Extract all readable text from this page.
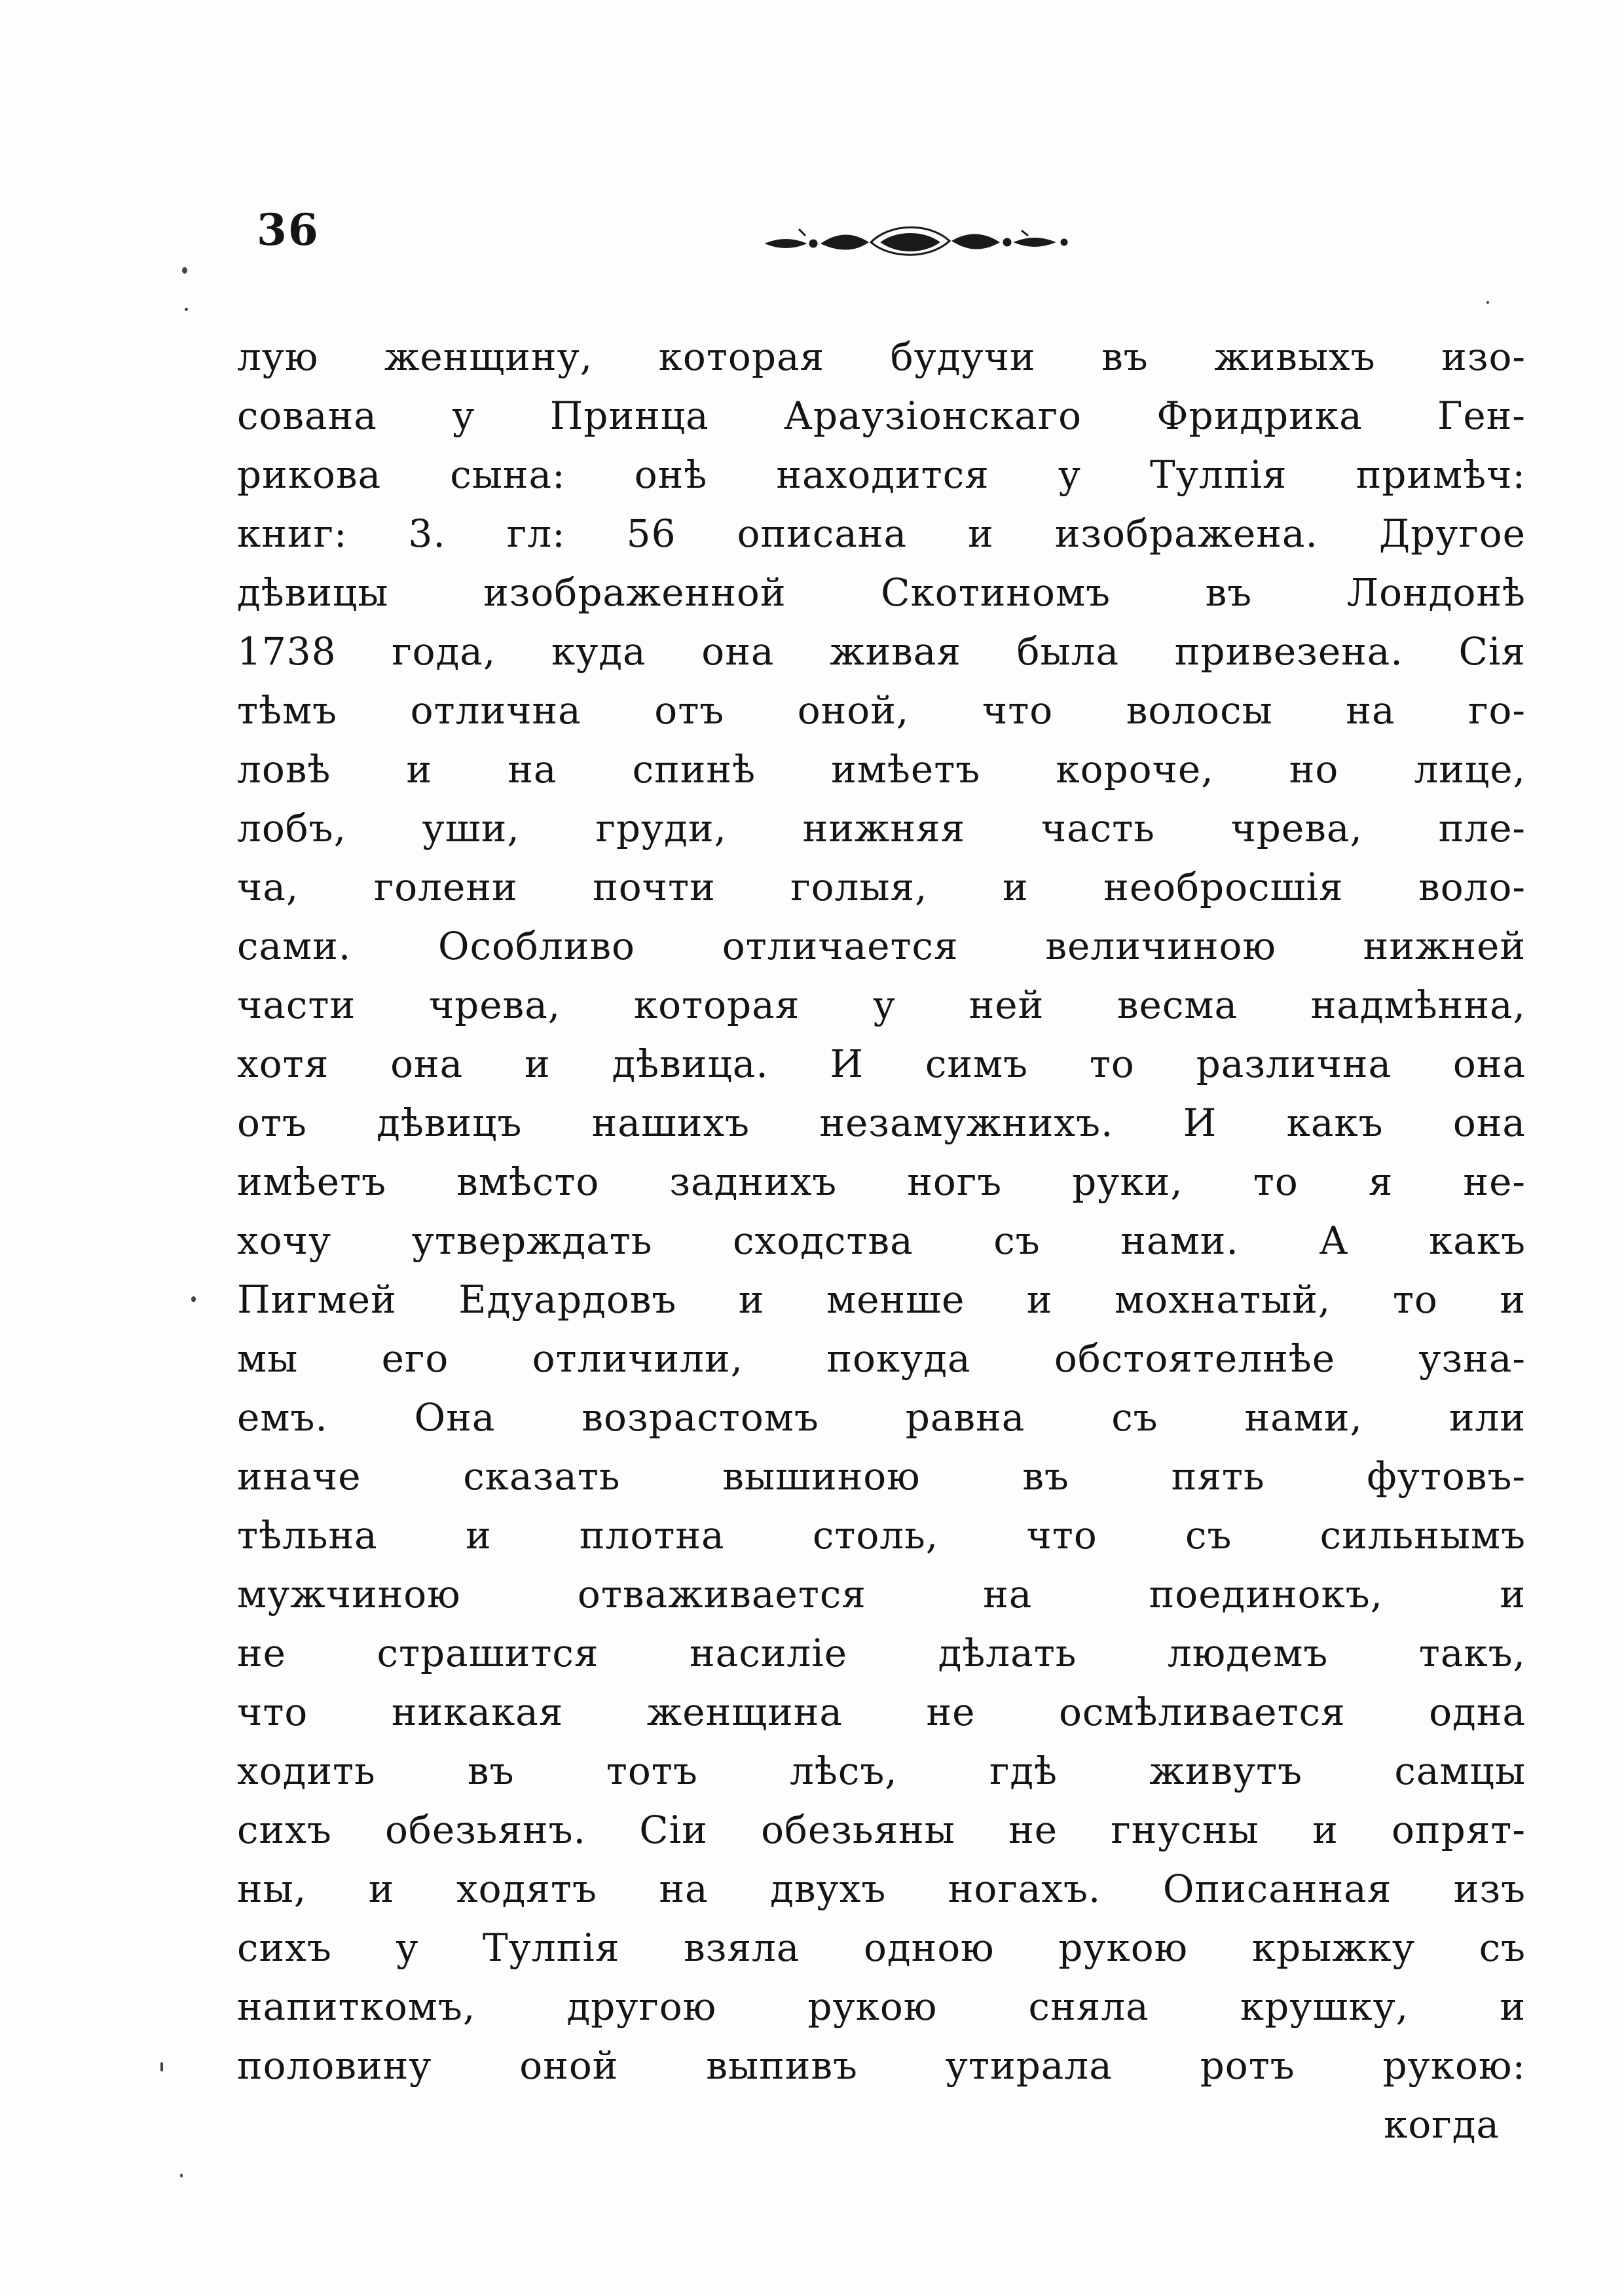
36
лую женщину, которая будучи въ живыхъ изо-
сована у Принца Араузіонскаго Фридрика Ген-
рикова сына: онѣ находится у Тулпія примѣч:
книг: 3. гл: 56 описана и изображена. Другое
дѣвицы изображенной Скотиномъ въ Лондонѣ
1738 года, куда она живая была привезена. Сія
тѣмъ отлична отъ оной, что волосы на го-
ловѣ и на спинѣ имѣетъ короче, но лице,
лобъ, уши, груди, нижняя часть чрева, пле-
ча, голени почти голыя, и необросшія воло-
сами. Особливо отличается величиною нижней
части чрева, которая у ней весма надмѣнна,
хотя она и дѣвица. И симъ то различна она
отъ дѣвицъ нашихъ незамужнихъ. И какъ она
имѣетъ вмѣсто заднихъ ногъ руки, то я не-
хочу утверждать сходства съ нами. А какъ
Пигмей Едуардовъ и менше и мохнатый, то и
мы его отличили, покуда обстоятелнѣе узна-
емъ. Она возрастомъ равна съ нами, или
иначе сказать вышиною въ пять футовъ-
тѣльна и плотна столь, что съ сильнымъ
мужчиною отваживается на поединокъ, и
не страшится насиліе дѣлать людемъ такъ,
что никакая женщина не осмѣливается одна
ходить въ тотъ лѣсъ, гдѣ живутъ самцы
сихъ обезьянъ. Сіи обезьяны не гнусны и опрят-
ны, и ходятъ на двухъ ногахъ. Описанная изъ
сихъ у Тулпія взяла одною рукою крыжку съ
напиткомъ, другою рукою сняла крушку, и
половину оной выпивъ утирала ротъ рукою:
когда
